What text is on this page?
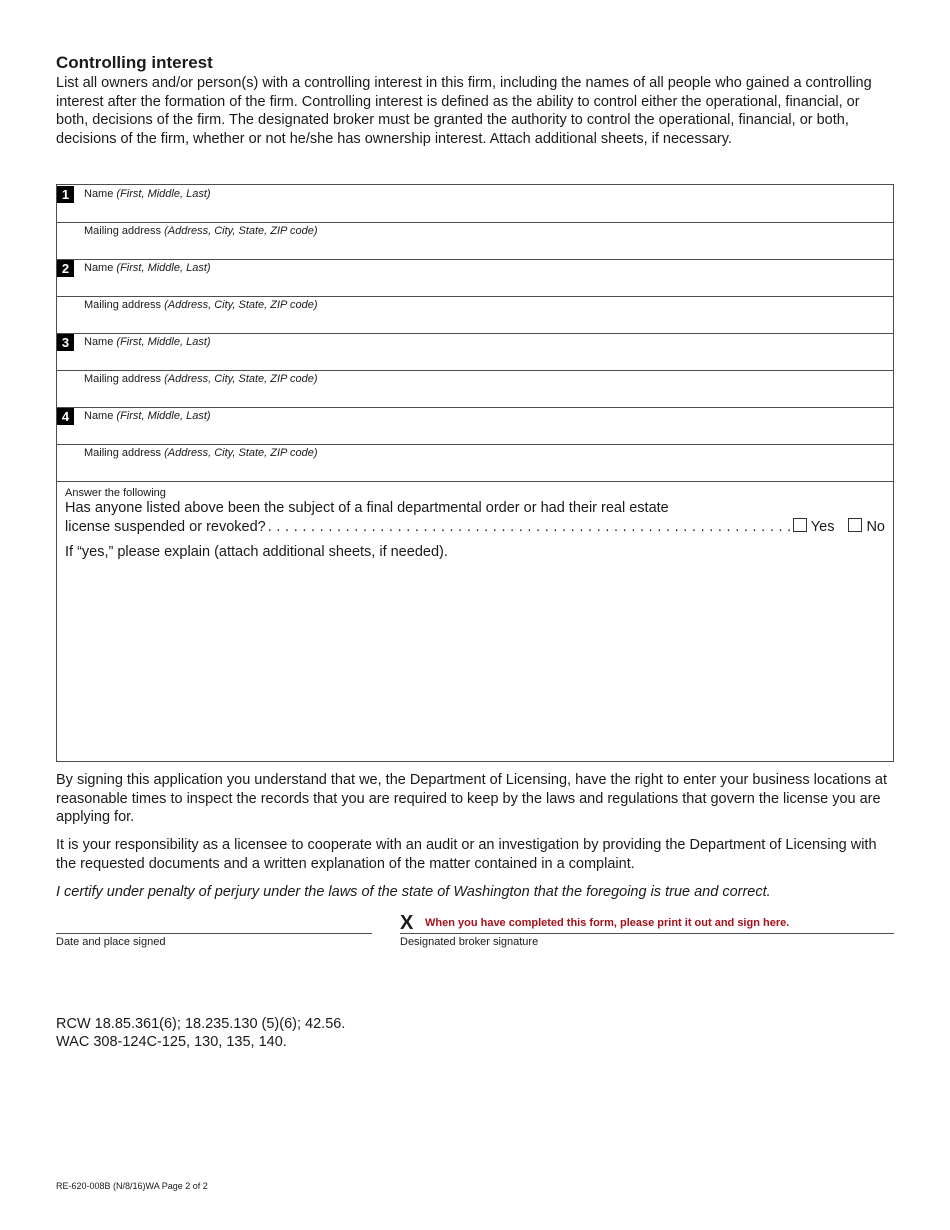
Controlling interest

List all owners and/or person(s) with a controlling interest in this firm, including the names of all people who gained a controlling interest after the formation of the firm. Controlling interest is defined as the ability to control either the operational, financial, or both, decisions of the firm. The designated broker must be granted the authority to control the operational, financial, or both, decisions of the firm, whether or not he/she has ownership interest. Attach additional sheets, if necessary.

1	Name (First, Middle, Last)
Mailing address (Address, City, State, ZIP code)
2	Name (First, Middle, Last)
Mailing address (Address, City, State, ZIP code)
3	Name (First, Middle, Last)
Mailing address (Address, City, State, ZIP code)
4	Name (First, Middle, Last)
Mailing address (Address, City, State, ZIP code)
Answer the following
Has anyone listed above been the subject of a final departmental order or had their real estate
license suspended or revoked?
. . .	Yes	No
If “yes,” please explain (attach additional sheets, if needed).
By signing this application you understand that we, the Department of Licensing, have the right to enter your business locations at reasonable times to inspect the records that you are required to keep by the laws and regulations that govern the license you are applying for.
It is your responsibility as a licensee to cooperate with an audit or an investigation by providing the Department of Licensing with the requested documents and a written explanation of the matter contained in a complaint.
I certify under penalty of perjury under the laws of the state of Washington that the foregoing is true and correct.
Date and place signed
X When you have completed this form, please print it out and sign here.
Designated broker signature
RCW 18.85.361(6); 18.235.130 (5)(6); 42.56.
WAC 308-124C-125, 130, 135, 140.
RE-620-008B (N/8/16)WA Page 2 of 2
